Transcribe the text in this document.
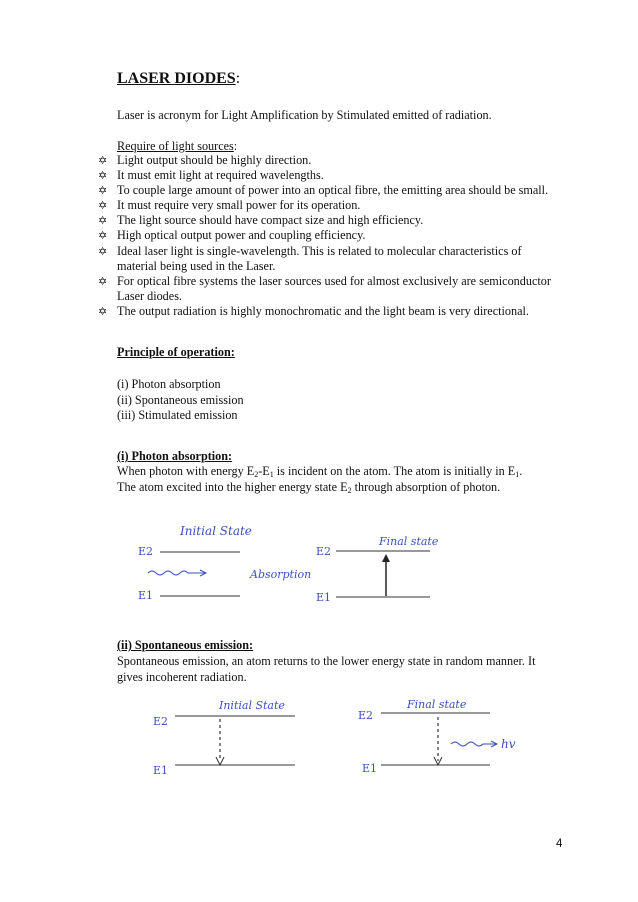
LASER DIODES:
Laser is acronym for Light Amplification by Stimulated emitted of radiation.
Require of light sources:
✡ Light output should be highly direction.
✡ It must emit light at required wavelengths.
✡ To couple large amount of power into an optical fibre, the emitting area should be small.
✡ It must require very small power for its operation.
✡ The light source should have compact size and high efficiency.
✡ High optical output power and coupling efficiency.
✡ Ideal laser light is single-wavelength. This is related to molecular characteristics of material being used in the Laser.
✡ For optical fibre systems the laser sources used for almost exclusively are semiconductor Laser diodes.
✡ The output radiation is highly monochromatic and the light beam is very directional.
Principle of operation:
(i) Photon absorption
(ii) Spontaneous emission
(iii) Stimulated emission
(i) Photon absorption:
When photon with energy $E_2-E_1$ is incident on the atom. The atom is initially in $E_1$.
The atom excited into the higher energy state $E_2$ through absorption of photon.
Initial State
Final state
Absorption
E2
E1
E2
E1
(ii) Spontaneous emission:
Spontaneous emission, an atom returns to the lower energy state in random manner. It
gives incoherent radiation.
Initial State	Final state
E2
E1
E2
E1
hv
4
